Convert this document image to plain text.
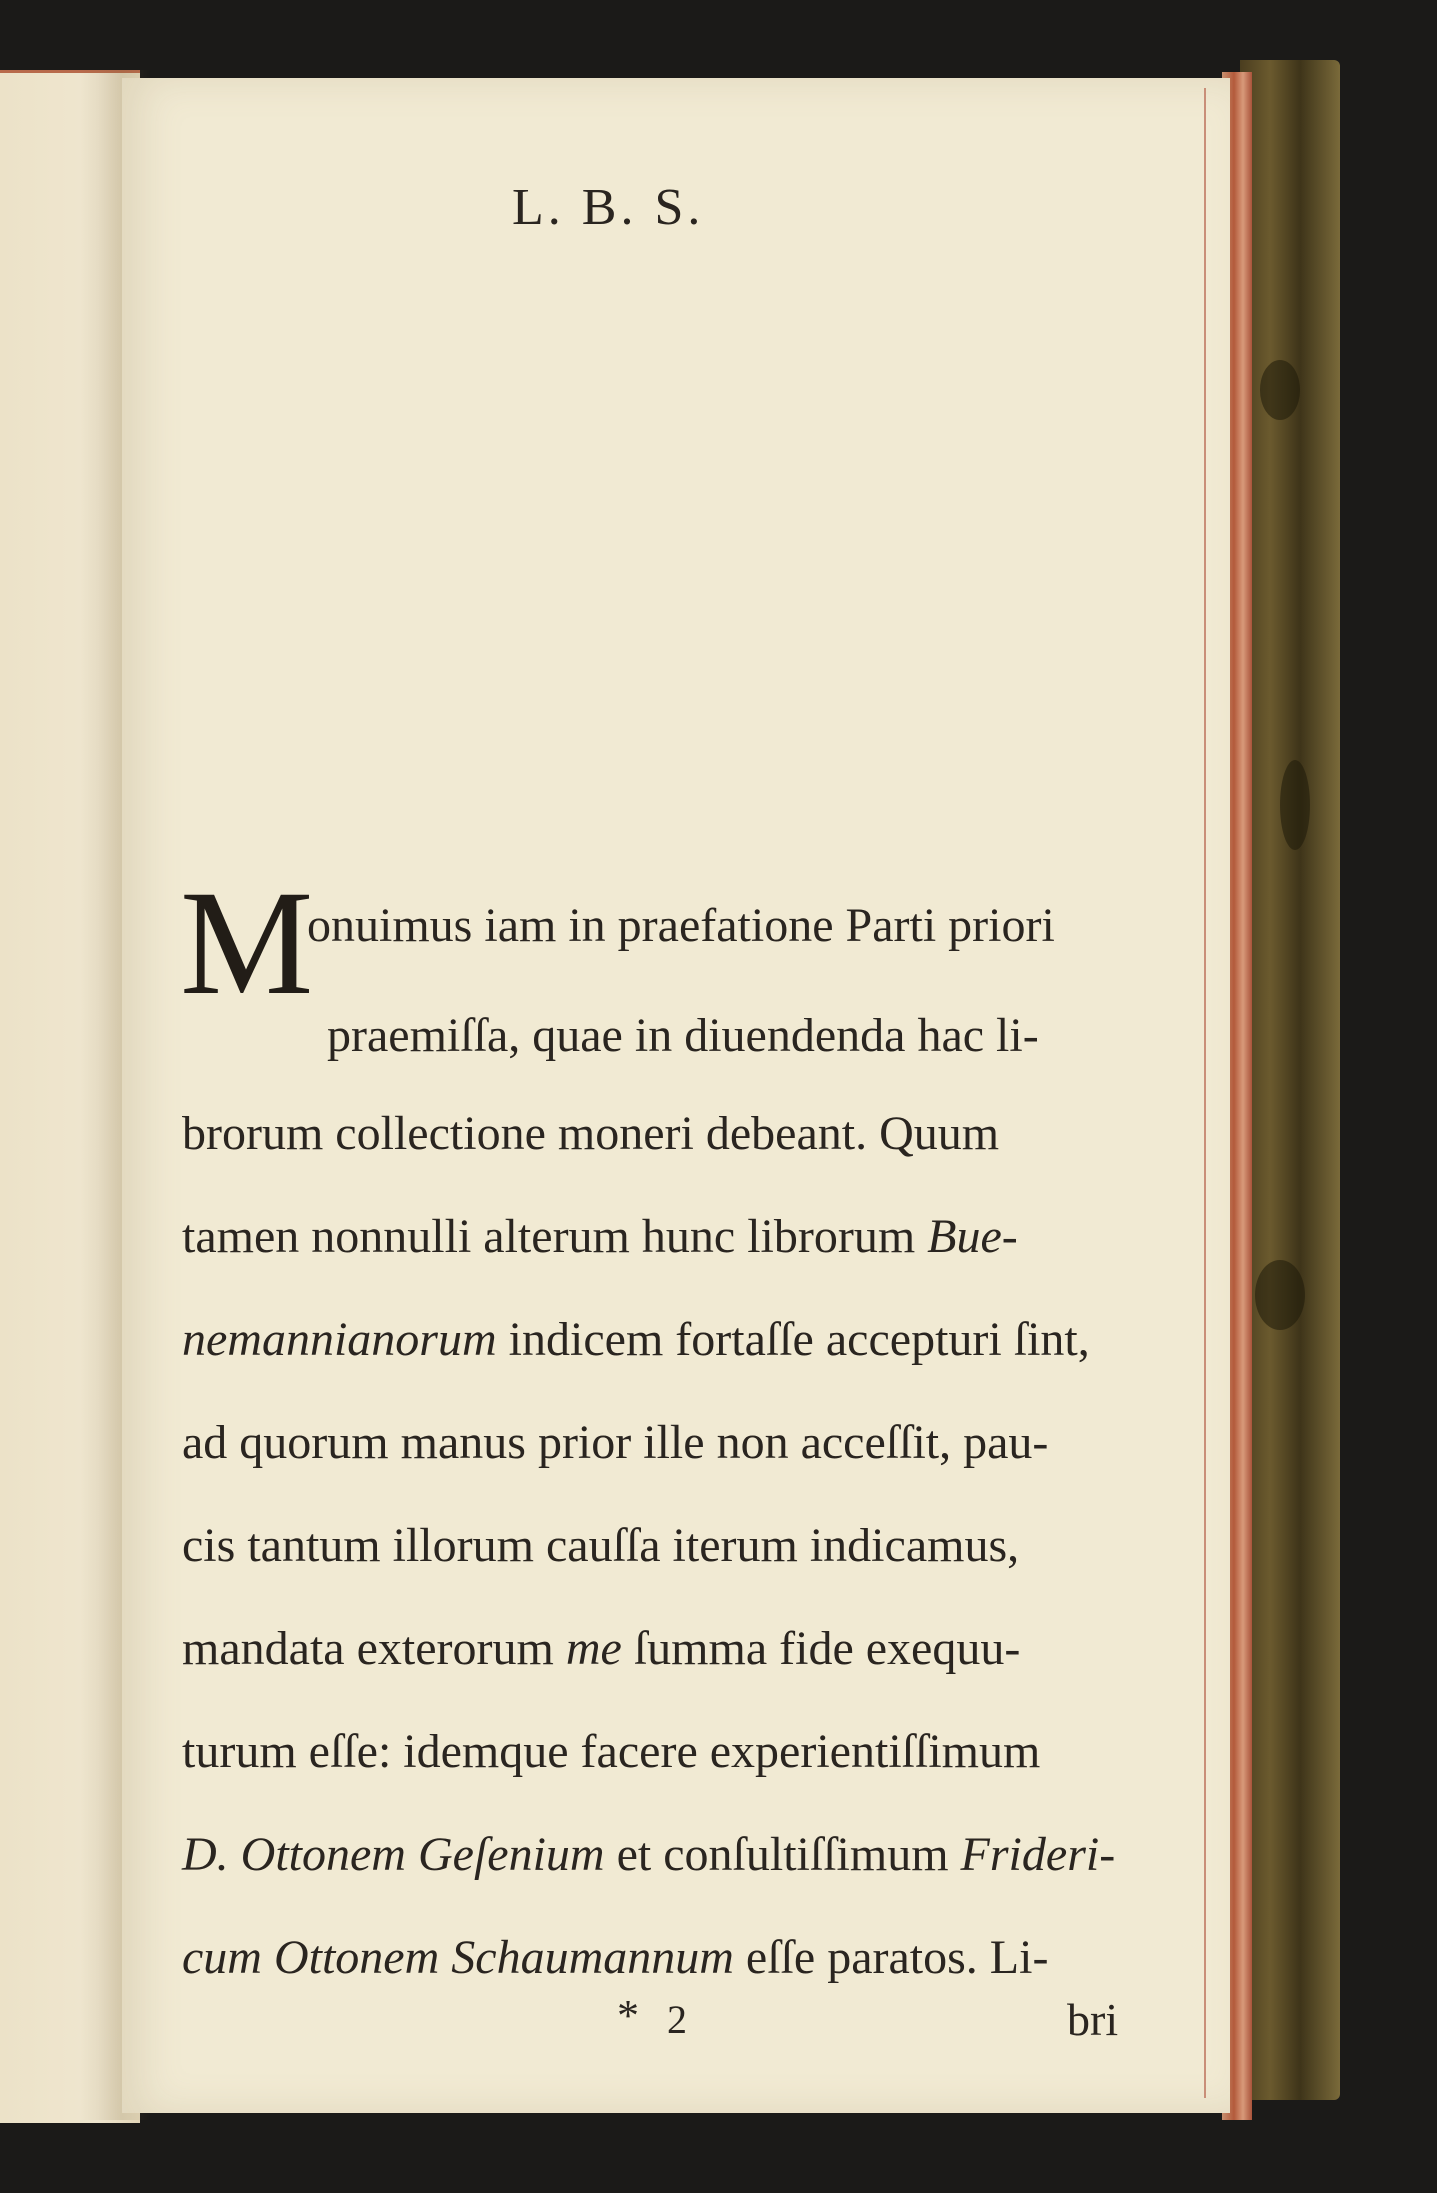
L. B. S.
M
onuimus iam in praefatione Parti priori
praemiſſa, quae in diuendenda hac li-
brorum collectione moneri debeant. Quum
tamen nonnulli alterum hunc librorum Bue-
nemannianorum indicem fortaſſe accepturi ſint,
ad quorum manus prior ille non acceſſit, pau-
cis tantum illorum cauſſa iterum indicamus,
mandata exterorum me ſumma fide exequu-
turum eſſe: idemque facere experientiſſimum
D. Ottonem Geſenium et conſultiſſimum Frideri-
cum Ottonem Schaumannum eſſe paratos. Li-
* 2	bri
